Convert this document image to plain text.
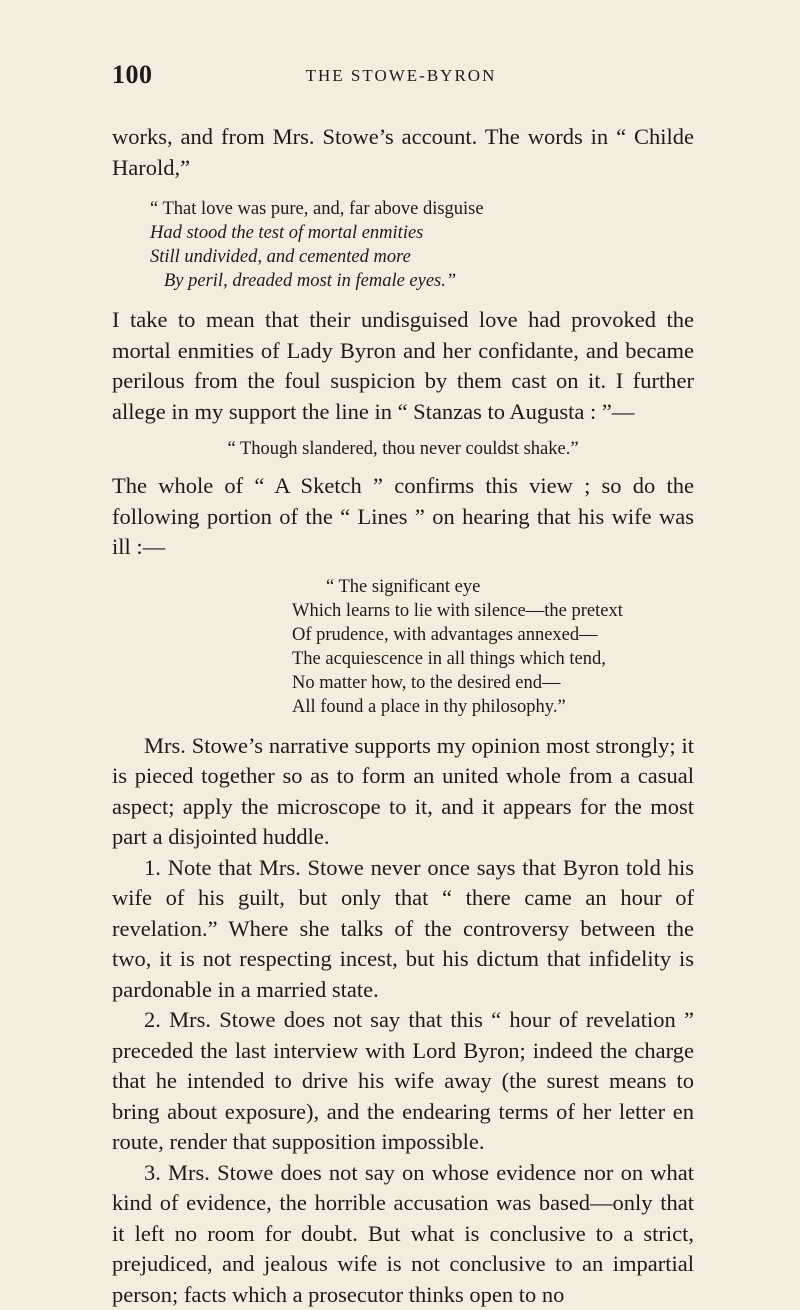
100	THE STOWE-BYRON

works, and from Mrs. Stowe’s account. The words in “ Childe Harold,”

“ That love was pure, and, far above disguise
Had stood the test of mortal enmities
Still undivided, and cemented more
By peril, dreaded most in female eyes.”

I take to mean that their undisguised love had provoked the mortal enmities of Lady Byron and her confidante, and became perilous from the foul suspicion by them cast on it. I further allege in my support the line in “ Stanzas to Augusta : ”—

“ Though slandered, thou never couldst shake.”

The whole of “ A Sketch ” confirms this view ; so do the following portion of the “ Lines ” on hearing that his wife was ill :—

“ The significant eye
Which learns to lie with silence—the pretext
Of prudence, with advantages annexed—
The acquiescence in all things which tend,
No matter how, to the desired end—
All found a place in thy philosophy.”

Mrs. Stowe’s narrative supports my opinion most strongly; it is pieced together so as to form an united whole from a casual aspect; apply the microscope to it, and it appears for the most part a disjointed huddle.

1. Note that Mrs. Stowe never once says that Byron told his wife of his guilt, but only that “ there came an hour of revelation.” Where she talks of the controversy between the two, it is not respecting incest, but his dictum that infidelity is pardonable in a married state.

2. Mrs. Stowe does not say that this “ hour of revelation ” preceded the last interview with Lord Byron; indeed the charge that he intended to drive his wife away (the surest means to bring about exposure), and the endearing terms of her letter en route, render that supposition impossible.

3. Mrs. Stowe does not say on whose evidence nor on what kind of evidence, the horrible accusation was based—only that it left no room for doubt. But what is conclusive to a strict, prejudiced, and jealous wife is not conclusive to an impartial person; facts which a prosecutor thinks open to no
